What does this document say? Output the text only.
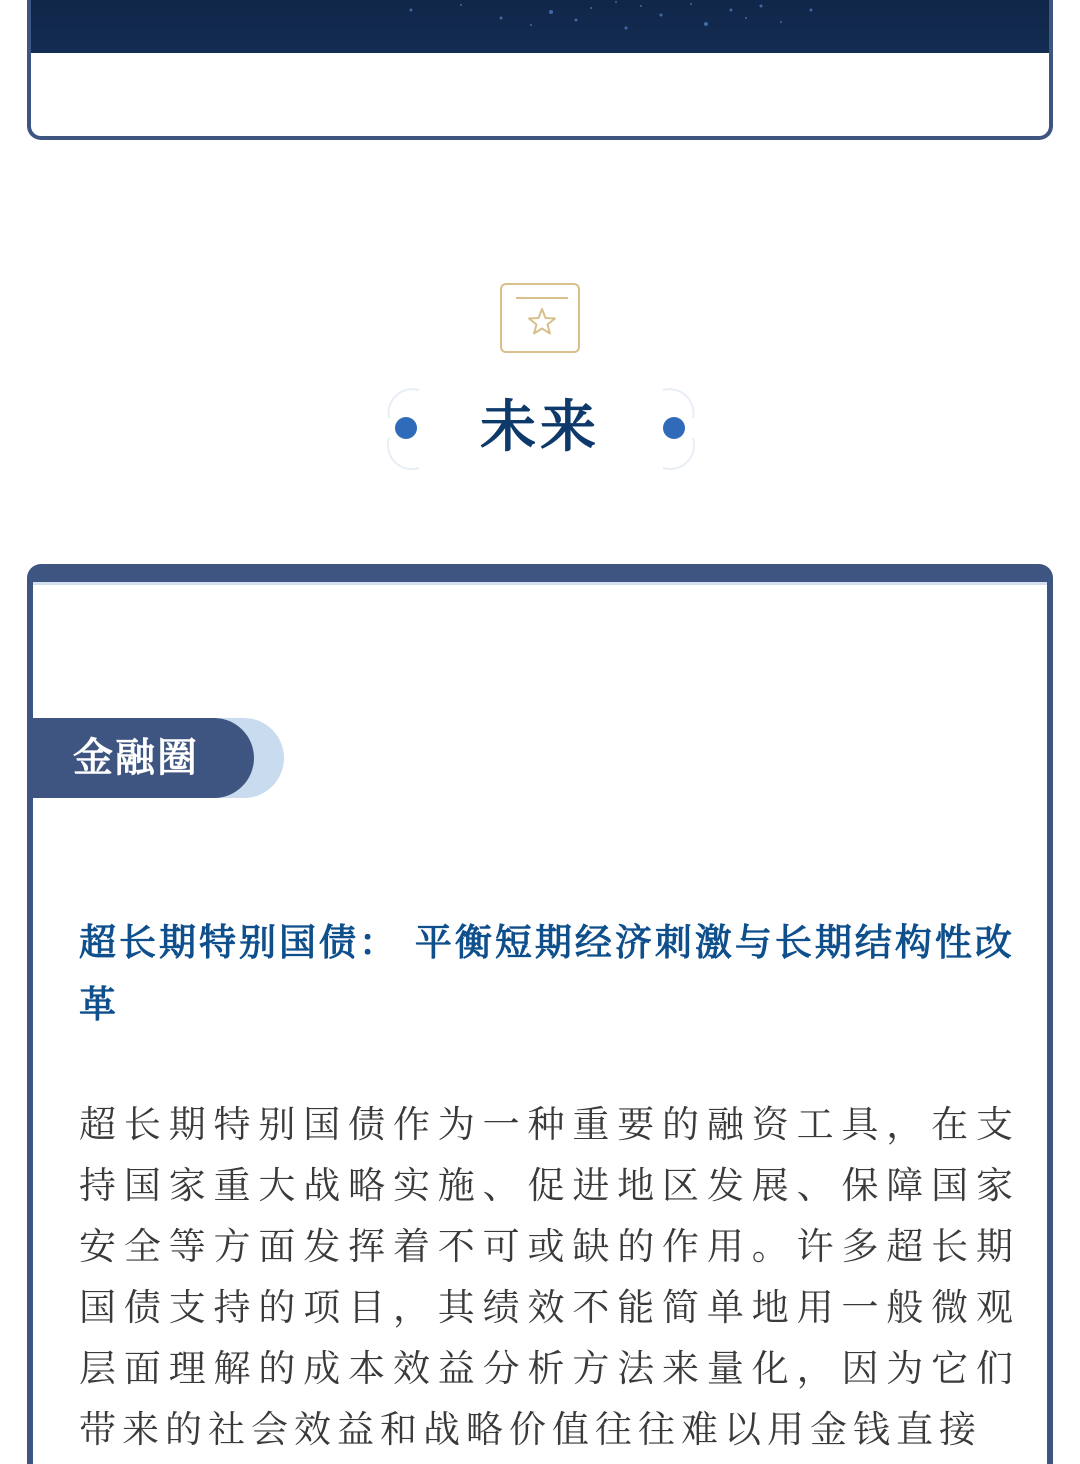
未来
金融圈
超长期特别国债： 平衡短期经济刺激与长期结构性改革

超长期特别国债作为一种重要的融资工具，在支持国家重大战略实施、促进地区发展、保障国家安全等方面发挥着不可或缺的作用。许多超长期国债支持的项目，其绩效不能简单地用一般微观层面理解的成本效益分析方法来量化，因为它们带来的社会效益和战略价值往往难以用金钱直接
